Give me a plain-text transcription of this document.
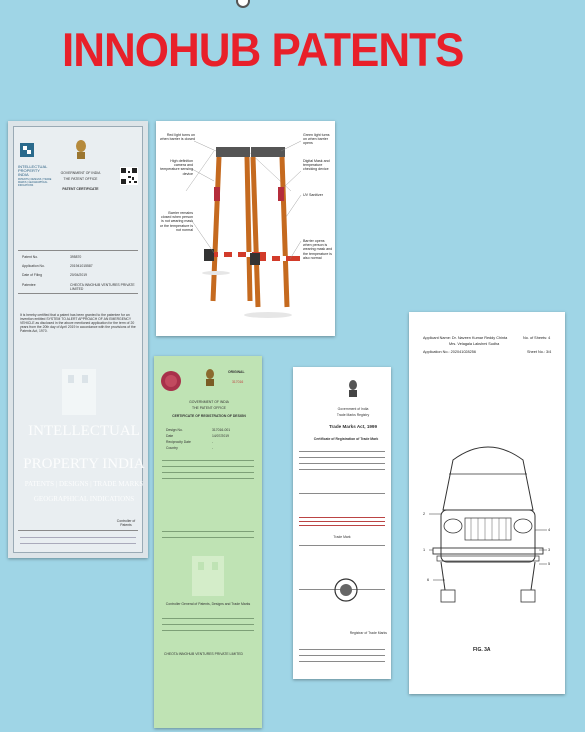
INNOHUB PATENTS
INTELLECTUAL PROPERTY INDIA
PATENTS | DESIGNS | TRADE MARKS | GEOGRAPHICAL INDICATIONS
GOVERNMENT OF INDIA
THE PATENT OFFICE
PATENT CERTIFICATE
Patent No.	395870
Application No.	201941015587
Date of Filing	20/04/2019
Patentee	CHEOTA INNOHUB VENTURES PRIVATE LIMITED
It is hereby certified that a patent has been granted to the patentee for an invention entitled SYSTEM TO ALERT APPROACH OF AN EMERGENCY VEHICLE as disclosed in the above mentioned application for the term of 20 years from the 20th day of April 2019 in accordance with the provisions of the Patents Act, 1970.
INTELLECTUAL
PROPERTY INDIA
PATENTS | DESIGNS | TRADE MARKS
GEOGRAPHICAL INDICATIONS
Controller of Patents
Red light turns on when barrier is closed
High definition camera and temperature sensing device
Barrier remains closed when person is not wearing mask or the temperature is not normal
Green light turns on when barrier opens
Digital Mask and temperature checking device
UV Sanitizer
Barrier opens when person is wearing mask and the temperature is also normal
ORIGINAL
317016
GOVERNMENT OF INDIA
THE PATENT OFFICE
CERTIFICATE OF REGISTRATION OF DESIGN
Design No.	317016-001
Date	14/07/2019
Reciprocity Date	-
Country	-
Controller General of Patents, Designs and Trade Marks
CHEOTA INNOHUB VENTURES PRIVATE LIMITED
Government of India
Trade Marks Registry
Trade Marks Act, 1999
Certificate of Registration of Trade Mark
Trade Mark
Registrar of Trade Marks
Applicant Name: Dr. Naveen Kumar Reddy Chinta
Mrs. Velagala Lakshmi Sudha
Application No.: 202041028256
No. of Sheets: 4
Sheet No.: 3/4
2
1
4
3
5
6
FIG. 3A
